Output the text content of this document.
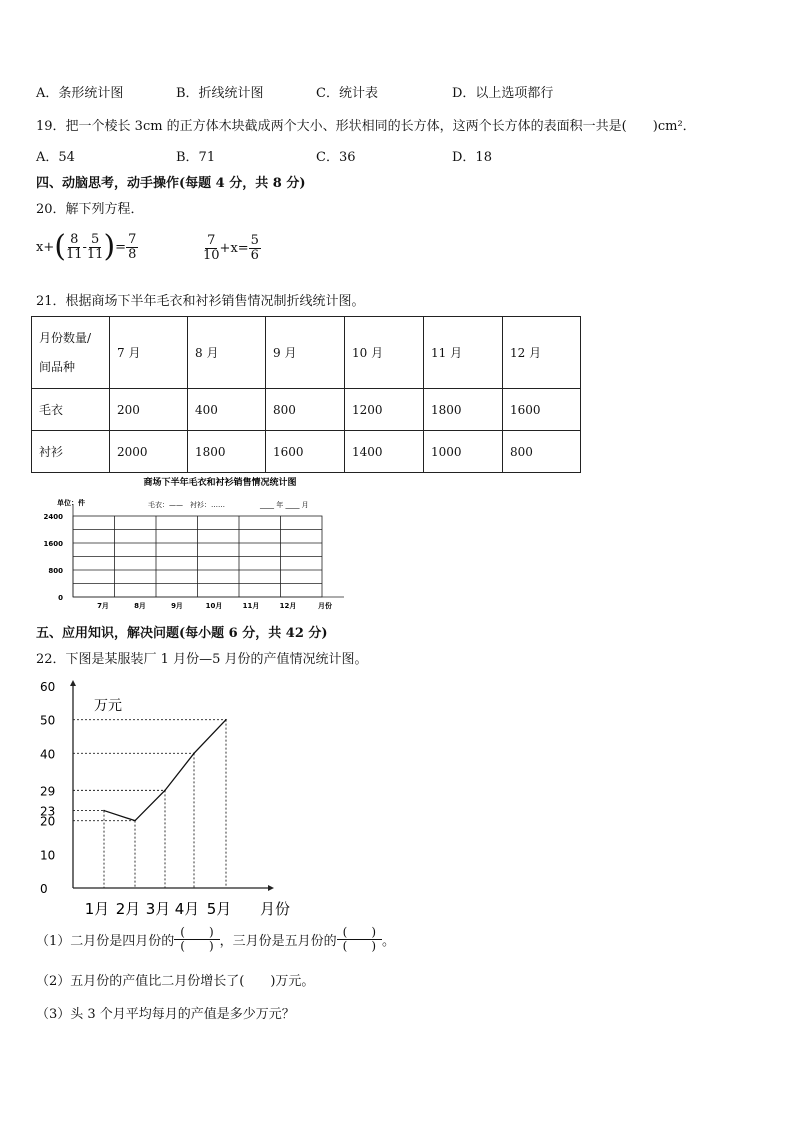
A．条形统计图	B．折线统计图	C．统计表	D．以上选项都行
19．把一个棱长 3cm 的正方体木块截成两个大小、形状相同的长方体，这两个长方体的表面积一共是(　　)cm²．
A．54	B．71	C．36	D．18
四、动脑思考，动手操作(每题 4 分，共 8 分)
20．解下列方程．
x+ ( $\frac{8}{11} - \frac{5}{11}$ ) = $\frac{7}{8}$	$\frac{7}{10} +x= \frac{5}{6}$
21．根据商场下半年毛衣和衬衫销售情况制折线统计图。
月份数量/
间品种	7 月	8 月	9 月	10 月	11 月	12 月
毛衣	200	400	800	1200	1800	1600
衬衫	2000	1800	1600	1400	1000	800
商场下半年毛衣和衬衫销售情况统计图
单位：件	毛衣：——　衬衫：……	____ 年 ____ 月
2400
1600
800
0
7月	8月	9月	10月	11月	12月	月份
五、应用知识，解决问题(每小题 6 分，共 42 分)
22．下图是某服装厂 1 月份—5 月份的产值情况统计图。
0
10
20
23
29
40
50
60
1月 2月 3月 4月 5月
万元
月份
（1）二月份是四月份的 $\frac{( )}{( )}$ ，三月份是五月份的 $\frac{( )}{( )}$ 。
（2）五月份的产值比二月份增长了(　　)万元。
（3）头 3 个月平均每月的产值是多少万元？
